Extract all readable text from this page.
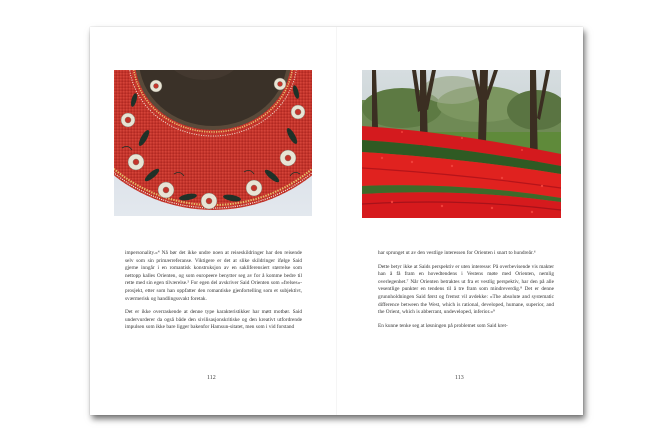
impersonality.»⁴ Nå bør det ikke undre noen at reiseskildringer har den reisende selv som sin primærreferanse. Viktigere er det at slike skildringer ifølge Said gjerne inngår i en romantisk konstruksjon av en sakliferensiert størrelse som nettopp kalles Orienten, og som europeere benytter seg av for å komme bedre til rette med sin egen tilværelse.⁵ For egen del avskriver Said Orienten som «frelses»-prosjekt, etter som han oppfatter den romantiske gjenfortelling som et subjektivt, sværmerisk og handlingssvakt foretak.

Det er ikke overraskende at denne type karakteristikker har møtt motbør. Said undervurderer da også både den sivilisasjonskritiske og den kreativt utfordrende impulsen som ikke bare ligger bakenfor Hamsun-sitatet, men som i vid forstand

112

har sprunget ut av den vestlige interessen for Orienten i snart to hundreår.⁶

Dette betyr ikke at Saids perspektiv er uten interesse: På overbevisende vis makter han å få fram en hovedtendens i Vestens møte med Orienten, nemlig overlegenhet.⁷ Når Orienten betraktes ut fra et vestlig perspektiv, har den på alle vesentlige punkter en tendens til å tre fram som mindreverdig.⁸ Det er denne grunnholdningen Said først og fremst vil avdekke: «The absolute and systematic difference between the West, which is rational, developed, humane, superior, and the Orient, which is abberrant, undeveloped, inferior.»⁹

En kunne tenke seg at løsningen på problemet som Said kret-

113
